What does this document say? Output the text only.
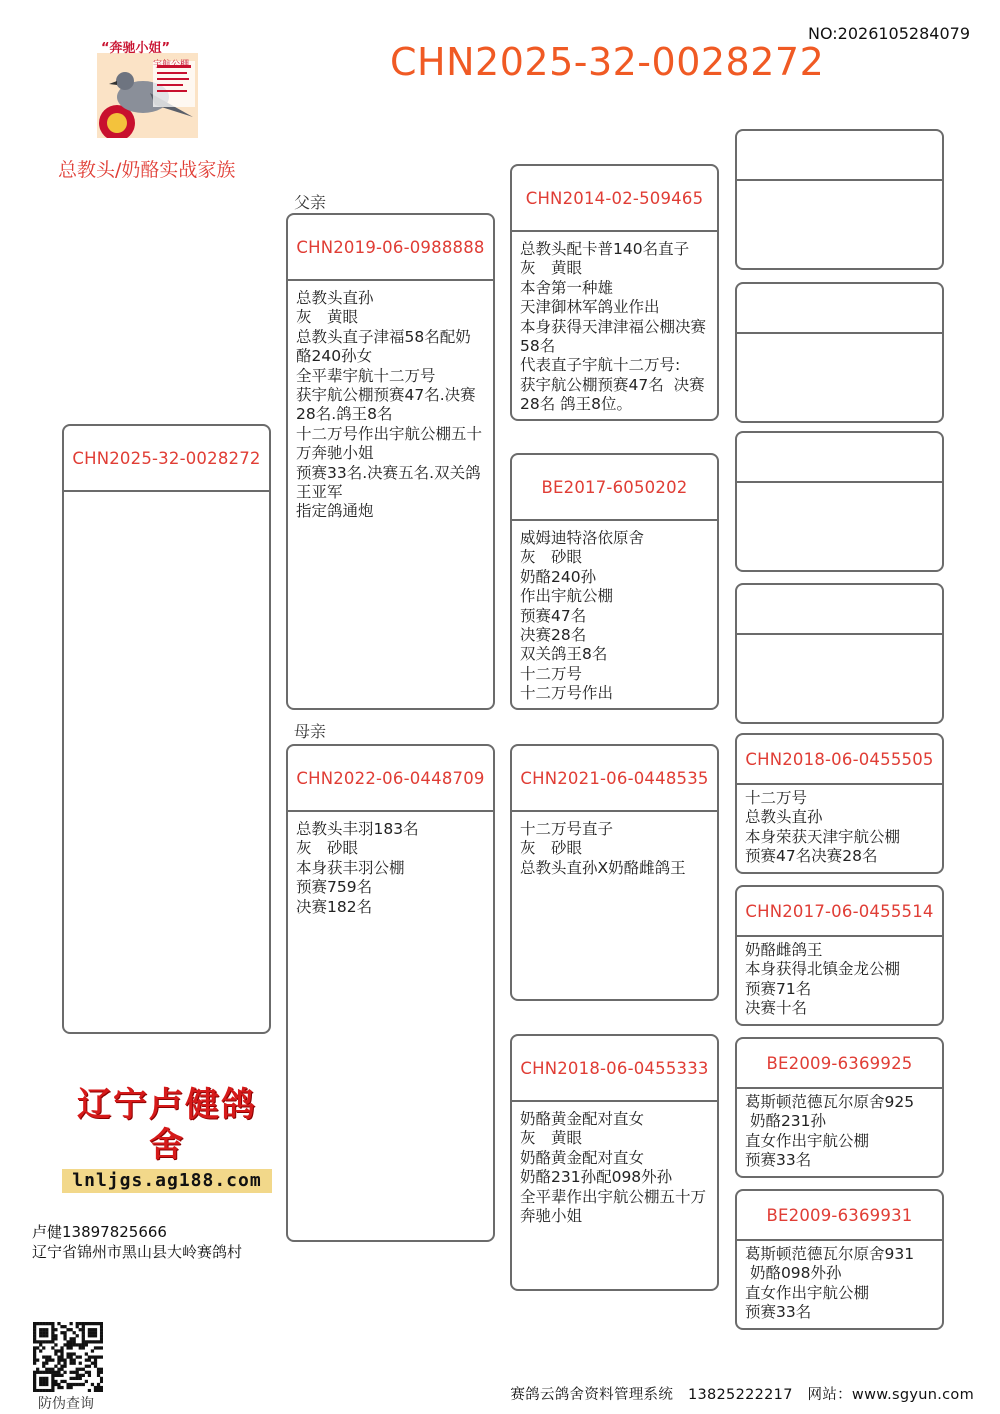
NO:2026105284079
CHN2025-32-0028272
“奔驰小姐”
宇航公棚
总教头/奶酪实战家族
父亲
母亲
CHN2025-32-0028272
CHN2019-06-0988888
总教头直孙
灰　黄眼
总教头直子津福58名配奶酪240孙女
全平辈宇航十二万号
获宇航公棚预赛47名.决赛28名.鸽王8名
十二万号作出宇航公棚五十万奔驰小姐
预赛33名.决赛五名.双关鸽王亚军
指定鸽通炮
CHN2022-06-0448709
总教头丰羽183名
灰　砂眼
本身获丰羽公棚
预赛759名
决赛182名
CHN2014-02-509465
总教头配卡普140名直子
灰　黄眼
本舍第一种雄
天津御林军鸽业作出
本身获得天津津福公棚决赛58名
代表直子宇航十二万号:
获宇航公棚预赛47名  决赛28名 鸽王8位。
BE2017-6050202
威姆迪特洛依原舍
灰　砂眼
奶酪240孙
作出宇航公棚
预赛47名
决赛28名
双关鸽王8名
十二万号
十二万号作出
CHN2021-06-0448535
十二万号直子
灰　砂眼
总教头直孙X奶酪雌鸽王
CHN2018-06-0455333
奶酪黄金配对直女
灰　黄眼
奶酪黄金配对直女
奶酪231孙配098外孙
全平辈作出宇航公棚五十万奔驰小姐
CHN2018-06-0455505
十二万号
总教头直孙
本身荣获天津宇航公棚
预赛47名决赛28名
CHN2017-06-0455514
奶酪雌鸽王
本身获得北镇金龙公棚
预赛71名
决赛十名
BE2009-6369925
葛斯顿范德瓦尔原舍925
奶酪231孙
直女作出宇航公棚
预赛33名
BE2009-6369931
葛斯顿范德瓦尔原舍931
奶酪098外孙
直女作出宇航公棚
预赛33名
辽宁卢健鸽舍
lnljgs.ag188.com
卢健13897825666
辽宁省锦州市黑山县大岭赛鸽村
防伪查询
赛鸽云鸽舍资料管理系统　13825222217　网站：www.sgyun.com
